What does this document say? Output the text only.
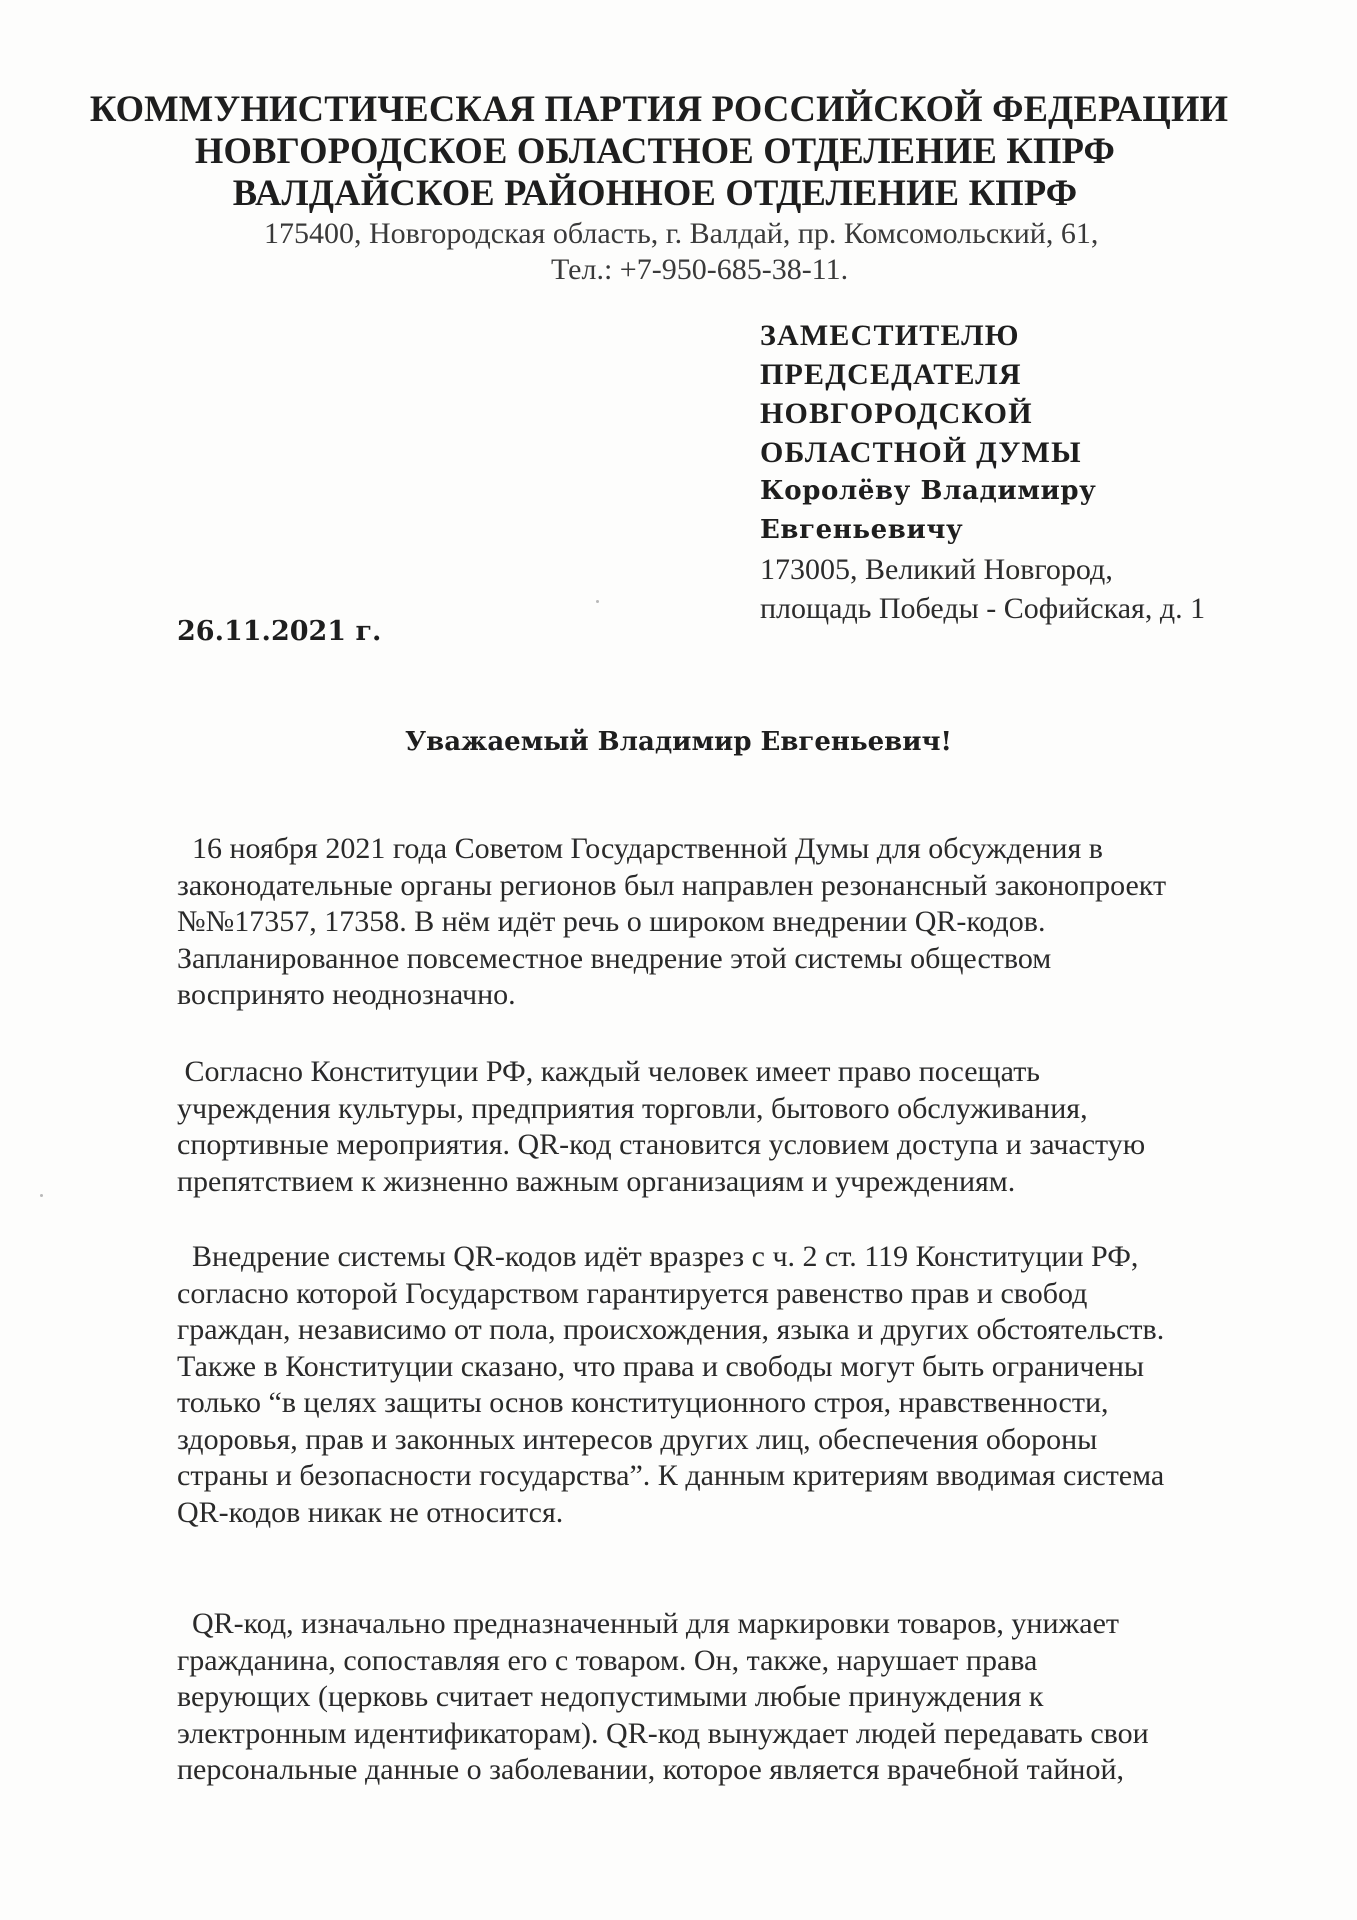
КОММУНИСТИЧЕСКАЯ ПАРТИЯ РОССИЙСКОЙ ФЕДЕРАЦИИ
НОВГОРОДСКОЕ ОБЛАСТНОЕ ОТДЕЛЕНИЕ КПРФ
ВАЛДАЙСКОЕ РАЙОННОЕ ОТДЕЛЕНИЕ КПРФ
175400, Новгородская область, г. Валдай, пр. Комсомольский, 61,
Тел.: +7-950-685-38-11.
ЗАМЕСТИТЕЛЮ
ПРЕДСЕДАТЕЛЯ
НОВГОРОДСКОЙ
ОБЛАСТНОЙ ДУМЫ
Королёву Владимиру
Евгеньевичу
173005, Великий Новгород,
площадь Победы - Софийская, д. 1
26.11.2021 г.
Уважаемый Владимир Евгеньевич!
16 ноября 2021 года Советом Государственной Думы для обсуждения в
законодательные органы регионов был направлен резонансный законопроект
№№17357, 17358. В нём идёт речь о широком внедрении QR-кодов.
Запланированное повсеместное внедрение этой системы обществом
воспринято неоднозначно.
Согласно Конституции РФ, каждый человек имеет право посещать
учреждения культуры, предприятия торговли, бытового обслуживания,
спортивные мероприятия. QR-код становится условием доступа и зачастую
препятствием к жизненно важным организациям и учреждениям.
Внедрение системы QR-кодов идёт вразрез с ч. 2 ст. 119 Конституции РФ,
согласно которой Государством гарантируется равенство прав и свобод
граждан, независимо от пола, происхождения, языка и других обстоятельств.
Также в Конституции сказано, что права и свободы могут быть ограничены
только “в целях защиты основ конституционного строя, нравственности,
здоровья, прав и законных интересов других лиц, обеспечения обороны
страны и безопасности государства”. К данным критериям вводимая система
QR-кодов никак не относится.
QR-код, изначально предназначенный для маркировки товаров, унижает
гражданина, сопоставляя его с товаром. Он, также, нарушает права
верующих (церковь считает недопустимыми любые принуждения к
электронным идентификаторам). QR-код вынуждает людей передавать свои
персональные данные о заболевании, которое является врачебной тайной,
